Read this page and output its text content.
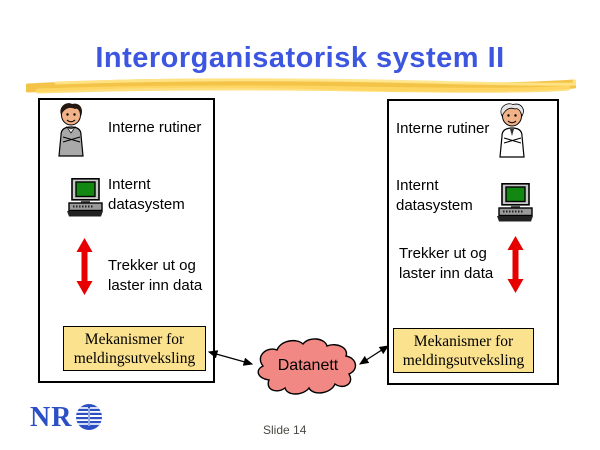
Interorganisatorisk system II
Interne rutiner
Internt
datasystem
Trekker ut og
laster inn data
Mekanismer for
meldingsutveksling
Interne rutiner
Internt
datasystem
Trekker ut og
laster inn data
Mekanismer for
meldingsutveksling
Datanett
NR	Slide 14
